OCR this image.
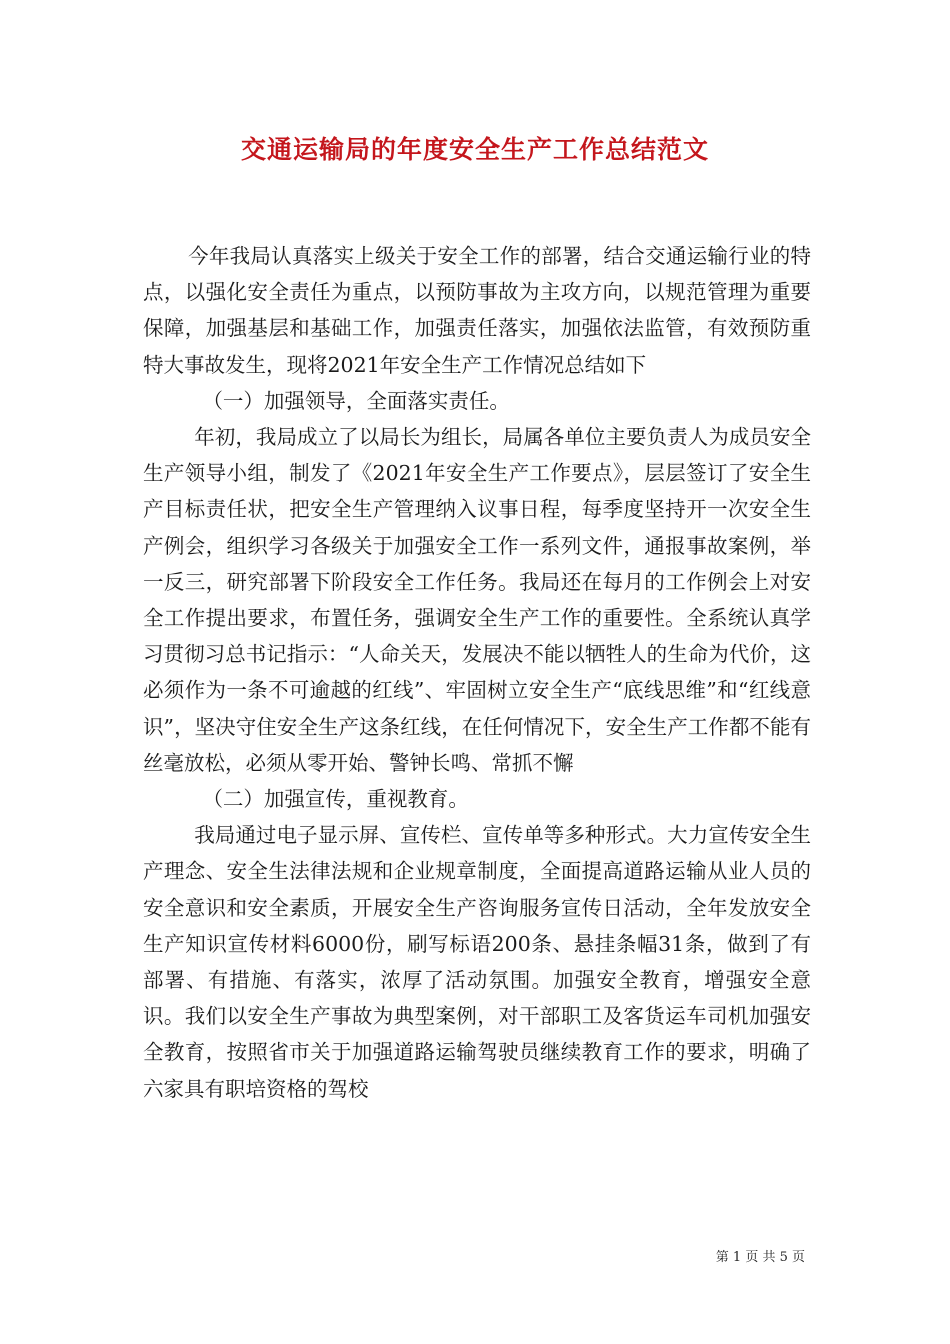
交通运输局的年度安全生产工作总结范文

今年我局认真落实上级关于安全工作的部署，结合交通运输行业的特点，以强化安全责任为重点，以预防事故为主攻方向，以规范管理为重要保障，加强基层和基础工作，加强责任落实，加强依法监管，有效预防重特大事故发生，现将2021年安全生产工作情况总结如下

（一）加强领导，全面落实责任。

年初，我局成立了以局长为组长，局属各单位主要负责人为成员安全生产领导小组，制发了《2021年安全生产工作要点》，层层签订了安全生产目标责任状，把安全生产管理纳入议事日程，每季度坚持开一次安全生产例会，组织学习各级关于加强安全工作一系列文件，通报事故案例，举一反三，研究部署下阶段安全工作任务。我局还在每月的工作例会上对安全工作提出要求，布置任务，强调安全生产工作的重要性。全系统认真学习贯彻习总书记指示：“人命关天，发展决不能以牺牲人的生命为代价，这必须作为一条不可逾越的红线”、牢固树立安全生产“底线思维”和“红线意识”，坚决守住安全生产这条红线，在任何情况下，安全生产工作都不能有丝毫放松，必须从零开始、警钟长鸣、常抓不懈

（二）加强宣传，重视教育。

我局通过电子显示屏、宣传栏、宣传单等多种形式。大力宣传安全生产理念、安全生法律法规和企业规章制度，全面提高道路运输从业人员的安全意识和安全素质，开展安全生产咨询服务宣传日活动，全年发放安全生产知识宣传材料6000份，刷写标语200条、悬挂条幅31条，做到了有部署、有措施、有落实，浓厚了活动氛围。加强安全教育，增强安全意识。我们以安全生产事故为典型案例，对干部职工及客货运车司机加强安全教育，按照省市关于加强道路运输驾驶员继续教育工作的要求，明确了六家具有职培资格的驾校

第 1 页 共 5 页
